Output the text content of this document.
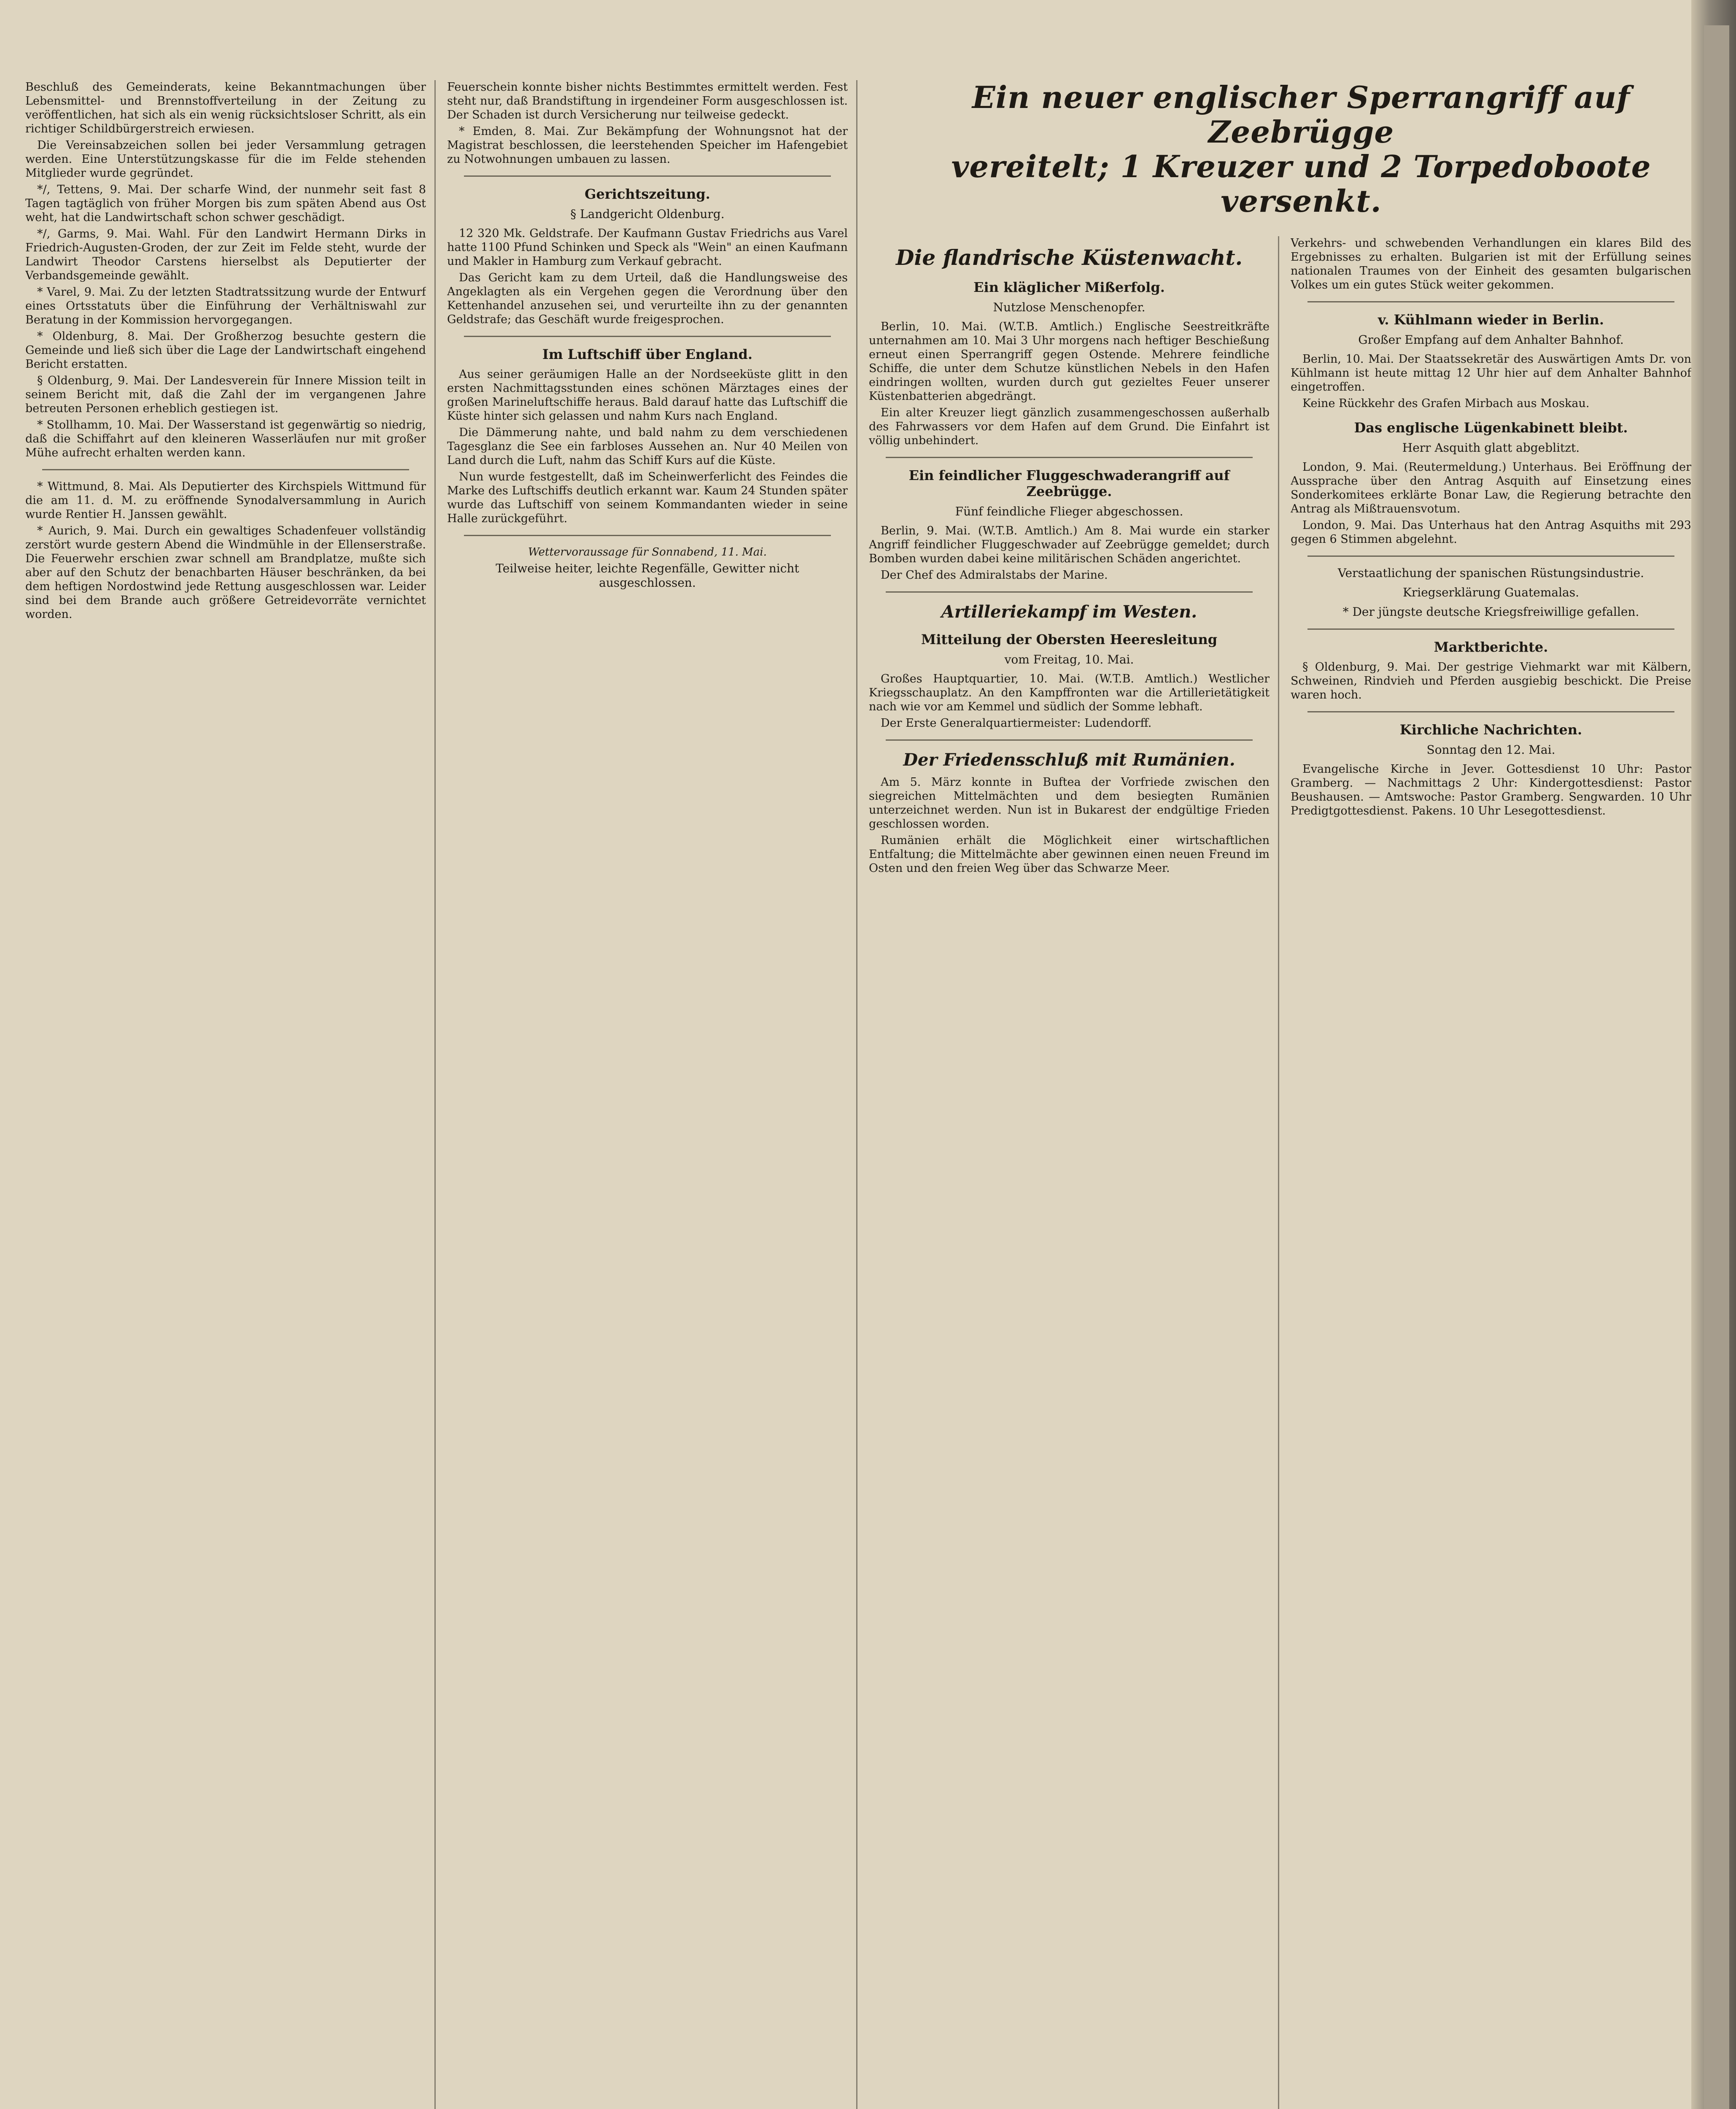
Beschluß des Gemeinderats, keine Bekanntmachungen über Lebensmittel- und Brennstoffverteilung in der Zeitung zu veröffentlichen, hat sich als ein wenig rücksichtsloser Schritt, als ein richtiger Schildbürgerstreich erwiesen.

Die Vereinsabzeichen sollen bei jeder Versammlung getragen werden. Eine Unterstützungskasse für die im Felde stehenden Mitglieder wurde gegründet.

*/, Tettens, 9. Mai. Der scharfe Wind, der nunmehr seit fast 8 Tagen tagtäglich von früher Morgen bis zum späten Abend aus Ost weht, hat die Landwirtschaft schon schwer geschädigt.

*/, Garms, 9. Mai. Wahl. Für den Landwirt Hermann Dirks in Friedrich-Augusten-Groden, der zur Zeit im Felde steht, wurde der Landwirt Theodor Carstens hierselbst als Deputierter der Verbandsgemeinde gewählt.

* Varel, 9. Mai. Zu der letzten Stadtratssitzung wurde der Entwurf eines Ortsstatuts über die Einführung der Verhältniswahl zur Beratung in der Kommission hervorgegangen.

* Oldenburg, 8. Mai. Der Großherzog besuchte gestern die Gemeinde und ließ sich über die Lage der Landwirtschaft eingehend Bericht erstatten.

§ Oldenburg, 9. Mai. Der Landesverein für Innere Mission teilt in seinem Bericht mit, daß die Zahl der im vergangenen Jahre betreuten Personen erheblich gestiegen ist.

* Stollhamm, 10. Mai. Der Wasserstand ist gegenwärtig so niedrig, daß die Schiffahrt auf den kleineren Wasserläufen nur mit großer Mühe aufrecht erhalten werden kann.

* Wittmund, 8. Mai. Als Deputierter des Kirchspiels Wittmund für die am 11. d. M. zu eröffnende Synodalversammlung in Aurich wurde Rentier H. Janssen gewählt.

* Aurich, 9. Mai. Durch ein gewaltiges Schadenfeuer vollständig zerstört wurde gestern Abend die Windmühle in der Ellenserstraße. Die Feuerwehr erschien zwar schnell am Brandplatze, mußte sich aber auf den Schutz der benachbarten Häuser beschränken, da bei dem heftigen Nordostwind jede Rettung ausgeschlossen war. Leider sind bei dem Brande auch größere Getreidevorräte vernichtet worden.

Feuerschein konnte bisher nichts Bestimmtes ermittelt werden. Fest steht nur, daß Brandstiftung in irgendeiner Form ausgeschlossen ist. Der Schaden ist durch Versicherung nur teilweise gedeckt.

* Emden, 8. Mai. Zur Bekämpfung der Wohnungsnot hat der Magistrat beschlossen, die leerstehenden Speicher im Hafengebiet zu Notwohnungen umbauen zu lassen.

Gerichtszeitung.
§ Landgericht Oldenburg.

12 320 Mk. Geldstrafe. Der Kaufmann Gustav Friedrichs aus Varel hatte 1100 Pfund Schinken und Speck als "Wein" an einen Kaufmann und Makler in Hamburg zum Verkauf gebracht.

Das Gericht kam zu dem Urteil, daß die Handlungsweise des Angeklagten als ein Vergehen gegen die Verordnung über den Kettenhandel anzusehen sei, und verurteilte ihn zu der genannten Geldstrafe; das Geschäft wurde freigesprochen.

Im Luftschiff über England.

Aus seiner geräumigen Halle an der Nordseeküste glitt in den ersten Nachmittagsstunden eines schönen Märztages eines der großen Marineluftschiffe heraus. Bald darauf hatte das Luftschiff die Küste hinter sich gelassen und nahm Kurs nach England.

Die Dämmerung nahte, und bald nahm zu dem verschiedenen Tagesglanz die See ein farbloses Aussehen an. Nur 40 Meilen von Land durch die Luft, nahm das Schiff Kurs auf die Küste.

Nun wurde festgestellt, daß im Scheinwerferlicht des Feindes die Marke des Luftschiffs deutlich erkannt war. Kaum 24 Stunden später wurde das Luftschiff von seinem Kommandanten wieder in seine Halle zurückgeführt.

Wettervoraussage für Sonnabend, 11. Mai.
Teilweise heiter, leichte Regenfälle, Gewitter nicht ausgeschlossen.
Ein neuer englischer Sperrangriff auf Zeebrügge
vereitelt; 1 Kreuzer und 2 Torpedoboote versenkt.
Die flandrische Küstenwacht.
Ein kläglicher Mißerfolg.
Nutzlose Menschenopfer.

Berlin, 10. Mai. (W.T.B. Amtlich.) Englische Seestreitkräfte unternahmen am 10. Mai 3 Uhr morgens nach heftiger Beschießung erneut einen Sperrangriff gegen Ostende. Mehrere feindliche Schiffe, die unter dem Schutze künstlichen Nebels in den Hafen eindringen wollten, wurden durch gut gezieltes Feuer unserer Küstenbatterien abgedrängt.

Ein alter Kreuzer liegt gänzlich zusammengeschossen außerhalb des Fahrwassers vor dem Hafen auf dem Grund. Die Einfahrt ist völlig unbehindert.

Ein feindlicher Fluggeschwaderangriff auf Zeebrügge.
Fünf feindliche Flieger abgeschossen.

Berlin, 9. Mai. (W.T.B. Amtlich.) Am 8. Mai wurde ein starker Angriff feindlicher Fluggeschwader auf Zeebrügge gemeldet; durch Bomben wurden dabei keine militärischen Schäden angerichtet.

Der Chef des Admiralstabs der Marine.

Artilleriekampf im Westen.
Mitteilung der Obersten Heeresleitung
vom Freitag, 10. Mai.

Großes Hauptquartier, 10. Mai. (W.T.B. Amtlich.) Westlicher Kriegsschauplatz. An den Kampffronten war die Artillerietätigkeit nach wie vor am Kemmel und südlich der Somme lebhaft.

Der Erste Generalquartiermeister: Ludendorff.

Der Friedensschluß mit Rumänien.

Am 5. März konnte in Buftea der Vorfriede zwischen den siegreichen Mittelmächten und dem besiegten Rumänien unterzeichnet werden. Nun ist in Bukarest der endgültige Frieden geschlossen worden.

Rumänien erhält die Möglichkeit einer wirtschaftlichen Entfaltung; die Mittelmächte aber gewinnen einen neuen Freund im Osten und den freien Weg über das Schwarze Meer.

Verkehrs- und schwebenden Verhandlungen ein klares Bild des Ergebnisses zu erhalten. Bulgarien ist mit der Erfüllung seines nationalen Traumes von der Einheit des gesamten bulgarischen Volkes um ein gutes Stück weiter gekommen.

v. Kühlmann wieder in Berlin.
Großer Empfang auf dem Anhalter Bahnhof.

Berlin, 10. Mai. Der Staatssekretär des Auswärtigen Amts Dr. von Kühlmann ist heute mittag 12 Uhr hier auf dem Anhalter Bahnhof eingetroffen.

Keine Rückkehr des Grafen Mirbach aus Moskau.

Das englische Lügenkabinett bleibt.
Herr Asquith glatt abgeblitzt.

London, 9. Mai. (Reutermeldung.) Unterhaus. Bei Eröffnung der Aussprache über den Antrag Asquith auf Einsetzung eines Sonderkomitees erklärte Bonar Law, die Regierung betrachte den Antrag als Mißtrauensvotum.

London, 9. Mai. Das Unterhaus hat den Antrag Asquiths mit 293 gegen 6 Stimmen abgelehnt.

Verstaatlichung der spanischen Rüstungsindustrie.
Kriegserklärung Guatemalas.
* Der jüngste deutsche Kriegsfreiwillige gefallen.
Marktberichte.

§ Oldenburg, 9. Mai. Der gestrige Viehmarkt war mit Kälbern, Schweinen, Rindvieh und Pferden ausgiebig beschickt. Die Preise waren hoch.

Kirchliche Nachrichten.
Sonntag den 12. Mai.

Evangelische Kirche in Jever. Gottesdienst 10 Uhr: Pastor Gramberg. — Nachmittags 2 Uhr: Kindergottesdienst: Pastor Beushausen. — Amtswoche: Pastor Gramberg. Sengwarden. 10 Uhr Predigtgottesdienst. Pakens. 10 Uhr Lesegottesdienst.
